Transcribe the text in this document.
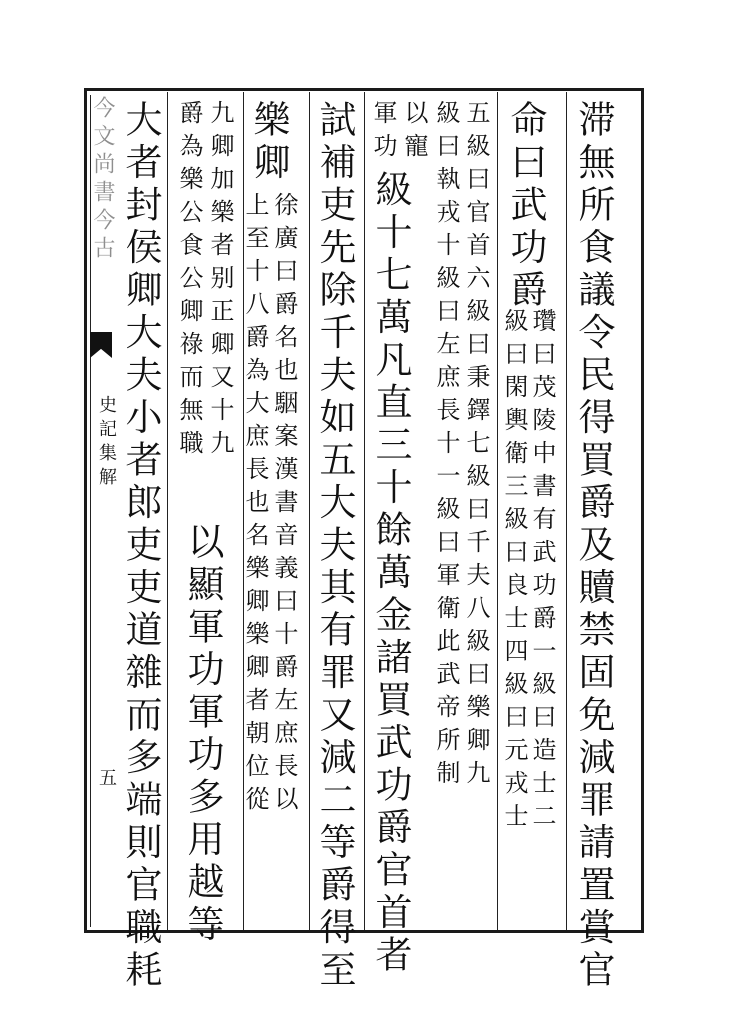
今文尚書今古
史記集解
五	滞無所食議令民得買爵及贖禁固免減罪請置賞官

命曰武功爵

瓚曰茂陵中書有武功爵一級曰造士二

級曰閑輿衛三級曰良士四級曰元戎士

五級曰官首六級曰秉鐸七級曰千夫八級曰樂卿九

級曰執戎十級曰左庶長十一級曰軍衛此武帝所制

以寵

軍功

級十七萬凡直三十餘萬金諸買武功爵官首者

試補吏先除千夫如五大夫其有罪又減二等爵得至

樂卿

徐廣曰爵名也駰案漢書音義曰十爵左庶長以

上至十八爵為大庶長也名樂卿樂卿者朝位從

九卿加樂者别正卿又十九

爵為樂公食公卿祿而無職

以顯軍功軍功多用越等

大者封侯卿大夫小者郎吏吏道雜而多端則官職耗
